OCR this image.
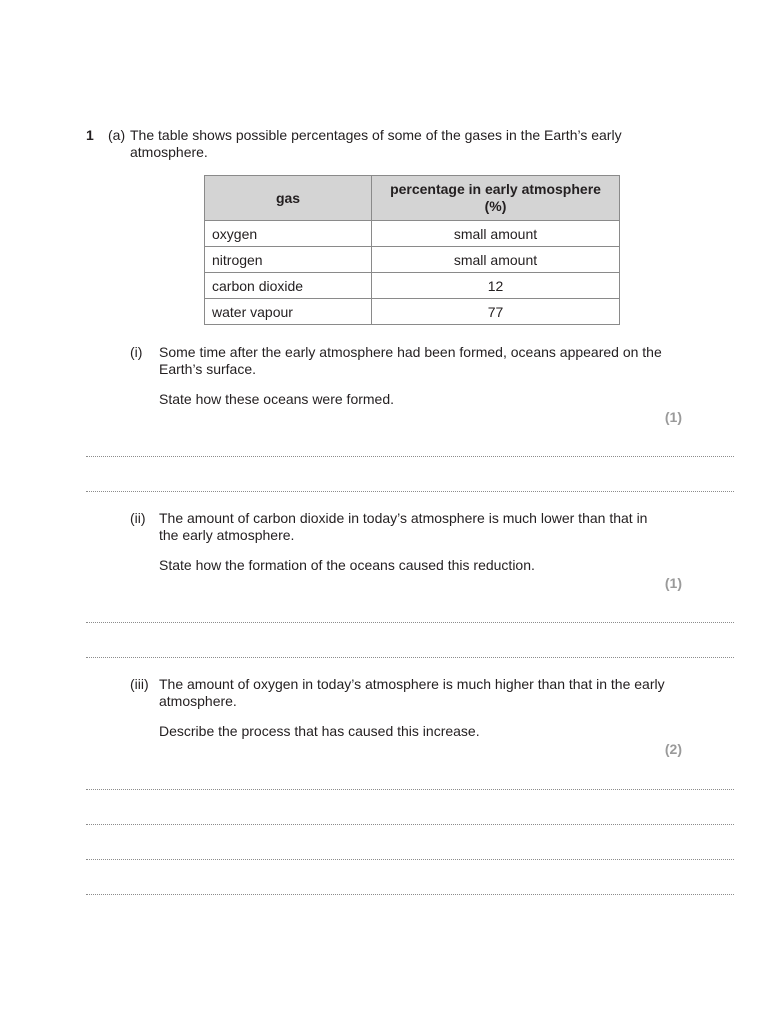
1 (a) The table shows possible percentages of some of the gases in the Earth’s early atmosphere.
gas	percentage in early atmosphere
(%)
oxygen	small amount
nitrogen	small amount
carbon dioxide	12
water vapour	77
(i) Some time after the early atmosphere had been formed, oceans appeared on the Earth’s surface.
State how these oceans were formed.
(1)
(ii) The amount of carbon dioxide in today’s atmosphere is much lower than that in the early atmosphere.
State how the formation of the oceans caused this reduction.
(1)
(iii) The amount of oxygen in today’s atmosphere is much higher than that in the early atmosphere.
Describe the process that has caused this increase.
(2)
